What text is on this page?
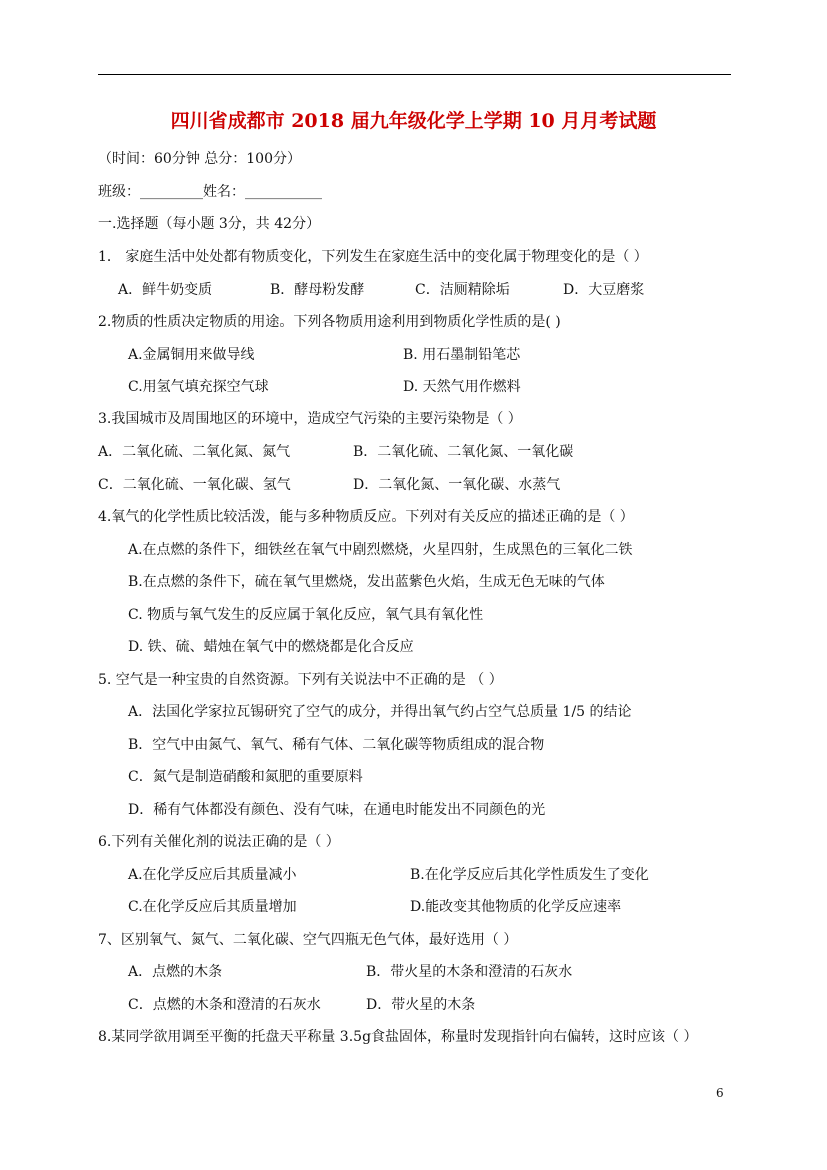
四川省成都市 2018 届九年级化学上学期 10 月月考试题
（时间：60分钟 总分：100分）
班级：_________姓名：___________
一.选择题（每小题 3分，共 42分）
1． 家庭生活中处处都有物质变化，下列发生在家庭生活中的变化属于物理变化的是（ ）
A．鲜牛奶变质	B．酵母粉发酵	C．洁厕精除垢	D．大豆磨浆
2.物质的性质决定物质的用途。下列各物质用途利用到物质化学性质的是( )
A.金属铜用来做导线	B. 用石墨制铅笔芯
C.用氢气填充探空气球	D. 天然气用作燃料
3.我国城市及周围地区的环境中，造成空气污染的主要污染物是（ ）
A．二氧化硫、二氧化氮、氮气	B．二氧化硫、二氧化氮、一氧化碳
C．二氧化硫、一氧化碳、氢气	D．二氧化氮、一氧化碳、水蒸气
4.氧气的化学性质比较活泼，能与多种物质反应。下列对有关反应的描述正确的是（ ）
A.在点燃的条件下，细铁丝在氧气中剧烈燃烧，火星四射，生成黑色的三氧化二铁
B.在点燃的条件下，硫在氧气里燃烧，发出蓝紫色火焰，生成无色无味的气体
C. 物质与氧气发生的反应属于氧化反应，氧气具有氧化性
D. 铁、硫、蜡烛在氧气中的燃烧都是化合反应
5. 空气是一种宝贵的自然资源。下列有关说法中不正确的是 （ ）
A．法国化学家拉瓦锡研究了空气的成分，并得出氧气约占空气总质量 1/5 的结论
B．空气中由氮气、氧气、稀有气体、二氧化碳等物质组成的混合物
C．氮气是制造硝酸和氮肥的重要原料
D．稀有气体都没有颜色、没有气味，在通电时能发出不同颜色的光
6.下列有关催化剂的说法正确的是（ ）
A.在化学反应后其质量减小	B.在化学反应后其化学性质发生了变化
C.在化学反应后其质量增加	D.能改变其他物质的化学反应速率
7、区别氧气、氮气、二氧化碳、空气四瓶无色气体，最好选用（ ）
A．点燃的木条	B．带火星的木条和澄清的石灰水
C．点燃的木条和澄清的石灰水	D．带火星的木条
8.某同学欲用调至平衡的托盘天平称量 3.5g食盐固体，称量时发现指针向右偏转，这时应该（ ）
6
